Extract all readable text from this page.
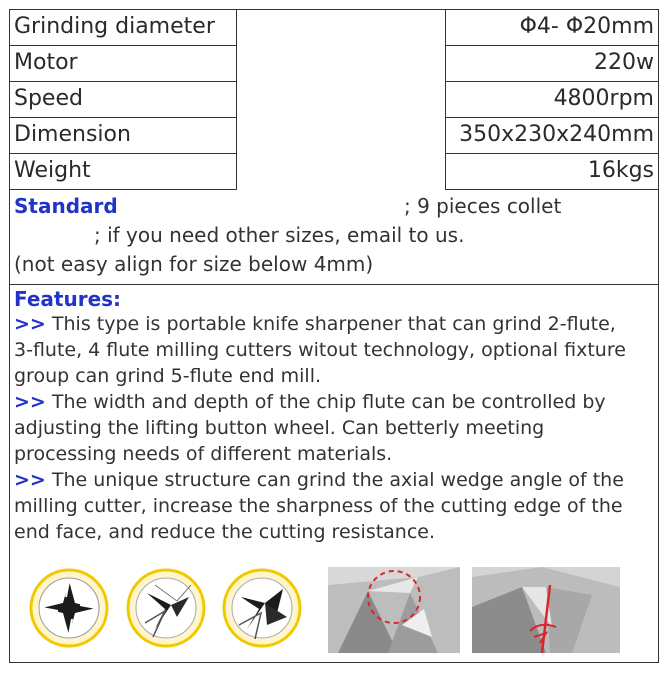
Grinding diameter	Φ4- Φ20mm
Motor	220w
Speed	4800rpm
Dimension	350x230x240mm
Weight	16kgs
Standard	; 9 pieces collet
; if you need other sizes, email to us.
(not easy align for size below 4mm)
Features:
>> This type is portable knife sharpener that can grind 2-flute,
3-flute, 4 flute milling cutters witout technology, optional fixture
group can grind 5-flute end mill.
>> The width and depth of the chip flute can be controlled by
adjusting the lifting button wheel. Can betterly meeting
processing needs of different materials.
>> The unique structure can grind the axial wedge angle of the
milling cutter, increase the sharpness of the cutting edge of the
end face, and reduce the cutting resistance.
